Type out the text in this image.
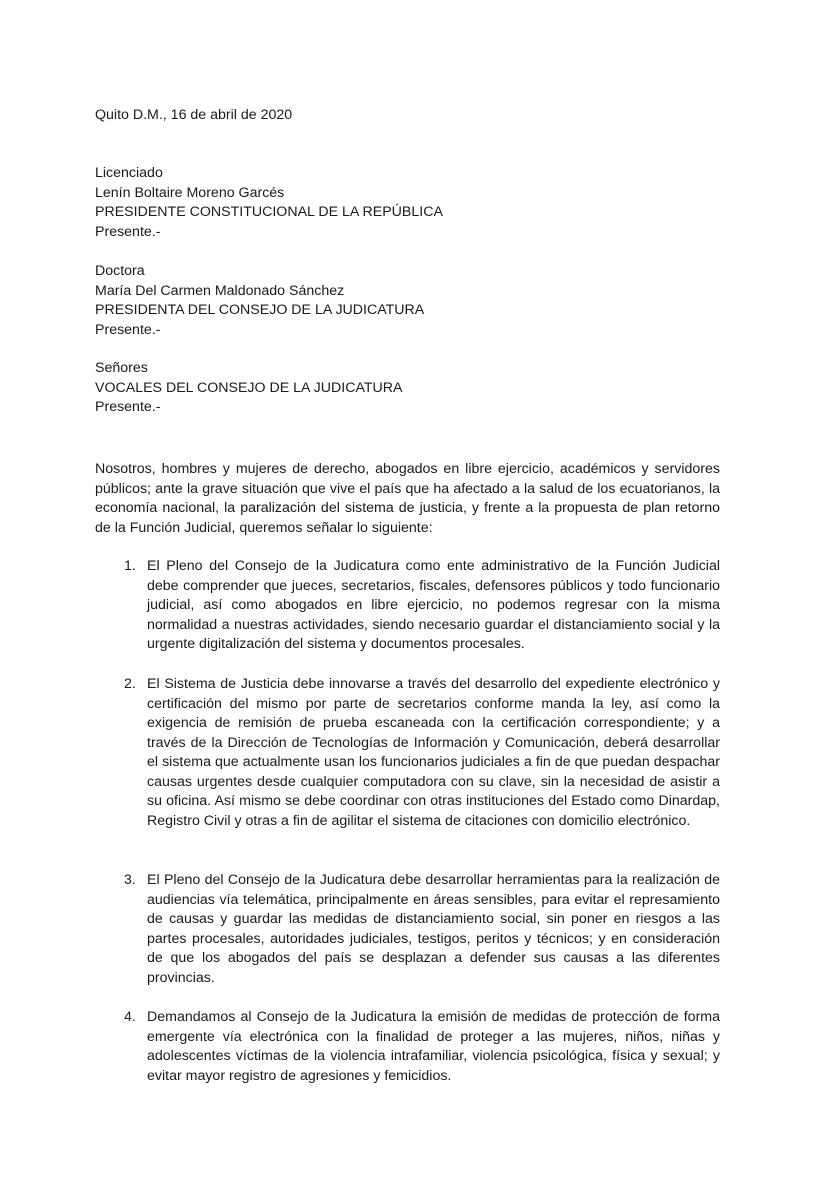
Quito D.M., 16 de abril de 2020
Licenciado
Lenín Boltaire Moreno Garcés
PRESIDENTE CONSTITUCIONAL DE LA REPÚBLICA
Presente.-
Doctora
María Del Carmen Maldonado Sánchez
PRESIDENTA DEL CONSEJO DE LA JUDICATURA
Presente.-
Señores
VOCALES DEL CONSEJO DE LA JUDICATURA
Presente.-
Nosotros, hombres y mujeres de derecho, abogados en libre ejercicio, académicos y servidores públicos; ante la grave situación que vive el país que ha afectado a la salud de los ecuatorianos, la economía nacional, la paralización del sistema de justicia, y frente a la propuesta de plan retorno de la Función Judicial, queremos señalar lo siguiente:
1. El Pleno del Consejo de la Judicatura como ente administrativo de la Función Judicial debe comprender que jueces, secretarios, fiscales, defensores públicos y todo funcionario judicial, así como abogados en libre ejercicio, no podemos regresar con la misma normalidad a nuestras actividades, siendo necesario guardar el distanciamiento social y la urgente digitalización del sistema y documentos procesales.
2. El Sistema de Justicia debe innovarse a través del desarrollo del expediente electrónico y certificación del mismo por parte de secretarios conforme manda la ley, así como la exigencia de remisión de prueba escaneada con la certificación correspondiente; y a través de la Dirección de Tecnologías de Información y Comunicación, deberá desarrollar el sistema que actualmente usan los funcionarios judiciales a fin de que puedan despachar causas urgentes desde cualquier computadora con su clave, sin la necesidad de asistir a su oficina. Así mismo se debe coordinar con otras instituciones del Estado como Dinardap, Registro Civil y otras a fin de agilitar el sistema de citaciones con domicilio electrónico.
3. El Pleno del Consejo de la Judicatura debe desarrollar herramientas para la realización de audiencias vía telemática, principalmente en áreas sensibles, para evitar el represamiento de causas y guardar las medidas de distanciamiento social, sin poner en riesgos a las partes procesales, autoridades judiciales, testigos, peritos y técnicos; y en consideración de que los abogados del país se desplazan a defender sus causas a las diferentes provincias.
4. Demandamos al Consejo de la Judicatura la emisión de medidas de protección de forma emergente vía electrónica con la finalidad de proteger a las mujeres, niños, niñas y adolescentes víctimas de la violencia intrafamiliar, violencia psicológica, física y sexual; y evitar mayor registro de agresiones y femicidios.
